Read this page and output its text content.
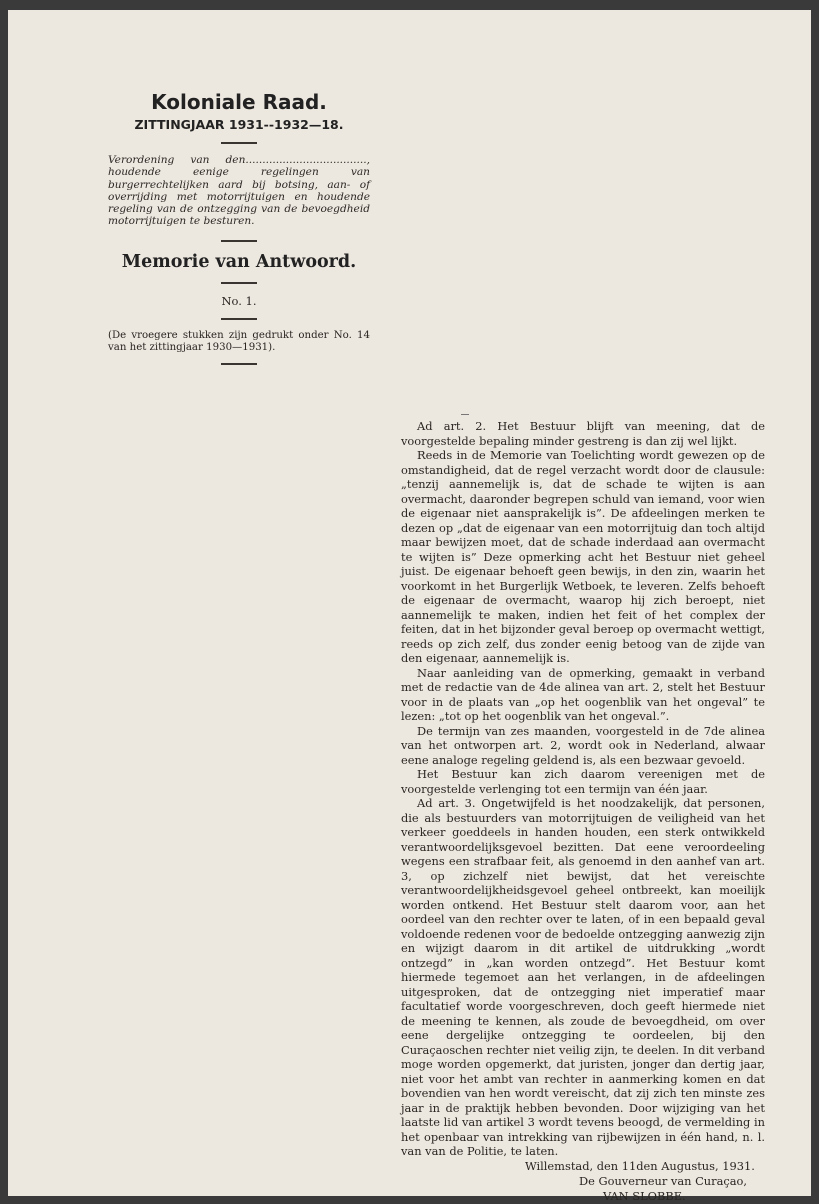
Koloniale Raad.
ZITTINGJAAR 1931--1932—18.

Verordening van den...................................., houdende eenige regelingen van burgerrechtelijken aard bij botsing, aan- of overrijding met motorrijtuigen en houdende regeling van de ontzegging van de bevoegdheid motorrijtuigen te besturen.

Memorie van Antwoord.
No. 1.

(De vroegere stukken zijn gedrukt onder No. 14 van het zittingjaar 1930—1931).

Ad art. 2. Het Bestuur blijft van meening, dat de voorgestelde bepaling minder gestreng is dan zij wel lijkt.

Reeds in de Memorie van Toelichting wordt gewezen op de omstandigheid, dat de regel verzacht wordt door de clausule: „tenzij aannemelijk is, dat de schade te wijten is aan overmacht, daaronder begrepen schuld van iemand, voor wien de eigenaar niet aansprakelijk is”. De afdeelingen merken te dezen op „dat de eigenaar van een motorrijtuig dan toch altijd maar bewijzen moet, dat de schade inderdaad aan overmacht te wijten is” Deze opmerking acht het Bestuur niet geheel juist. De eigenaar behoeft geen bewijs, in den zin, waarin het voorkomt in het Burgerlijk Wetboek, te leveren. Zelfs behoeft de eigenaar de overmacht, waarop hij zich beroept, niet aannemelijk te maken, indien het feit of het complex der feiten, dat in het bijzonder geval beroep op overmacht wettigt, reeds op zich zelf, dus zonder eenig betoog van de zijde van den eigenaar, aannemelijk is.

Naar aanleiding van de opmerking, gemaakt in verband met de redactie van de 4de alinea van art. 2, stelt het Bestuur voor in de plaats van „op het oogenblik van het ongeval” te lezen: „tot op het oogenblik van het ongeval.”.

De termijn van zes maanden, voorgesteld in de 7de alinea van het ontworpen art. 2, wordt ook in Nederland, alwaar eene analoge regeling geldend is, als een bezwaar gevoeld.

Het Bestuur kan zich daarom vereenigen met de voorgestelde verlenging tot een termijn van één jaar.

Ad art. 3. Ongetwijfeld is het noodzakelijk, dat personen, die als bestuurders van motorrijtuigen de veiligheid van het verkeer goeddeels in handen houden, een sterk ontwikkeld verantwoordelijksgevoel bezitten. Dat eene veroordeeling wegens een strafbaar feit, als genoemd in den aanhef van art. 3, op zichzelf niet bewijst, dat het vereischte verantwoordelijkheidsgevoel geheel ontbreekt, kan moeilijk worden ontkend. Het Bestuur stelt daarom voor, aan het oordeel van den rechter over te laten, of in een bepaald geval voldoende redenen voor de bedoelde ontzegging aanwezig zijn en wijzigt daarom in dit artikel de uitdrukking „wordt ontzegd” in „kan worden ontzegd”. Het Bestuur komt hiermede tegemoet aan het verlangen, in de afdeelingen uitgesproken, dat de ontzegging niet imperatief maar facultatief worde voorgeschreven, doch geeft hiermede niet de meening te kennen, als zoude de bevoegdheid, om over eene dergelijke ontzegging te oordeelen, bij den Curaçaoschen rechter niet veilig zijn, te deelen. In dit verband moge worden opgemerkt, dat juristen, jonger dan dertig jaar, niet voor het ambt van rechter in aanmerking komen en dat bovendien van hen wordt vereischt, dat zij zich ten minste zes jaar in de praktijk hebben bevonden. Door wijziging van het laatste lid van artikel 3 wordt tevens beoogd, de vermelding in het openbaar van intrekking van rijbewijzen in één hand, n. l. van van de Politie, te laten.

Willemstad, den 11den Augustus, 1931.

De Gouverneur van Curaçao,

VAN SLOBBE.
